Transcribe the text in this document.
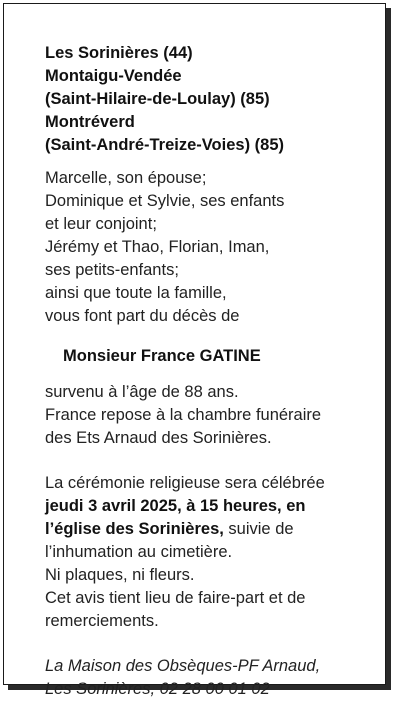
Les Sorinières (44)
Montaigu-Vendée
(Saint-Hilaire-de-Loulay) (85)
Montréverd
(Saint-André-Treize-Voies) (85)
Marcelle, son épouse;
Dominique et Sylvie, ses enfants
et leur conjoint;
Jérémy et Thao, Florian, Iman,
ses petits-enfants;
ainsi que toute la famille,
vous font part du décès de
Monsieur France GATINE
survenu à l’âge de 88 ans.
France repose à la chambre funéraire
des Ets Arnaud des Sorinières.
La cérémonie religieuse sera célébrée
jeudi 3 avril 2025, à 15 heures, en
l’église des Sorinières, suivie de
l’inhumation au cimetière.
Ni plaques, ni fleurs.
Cet avis tient lieu de faire-part et de
remerciements.
La Maison des Obsèques-PF Arnaud,
Les Sorinières, 02 28 00 01 02
